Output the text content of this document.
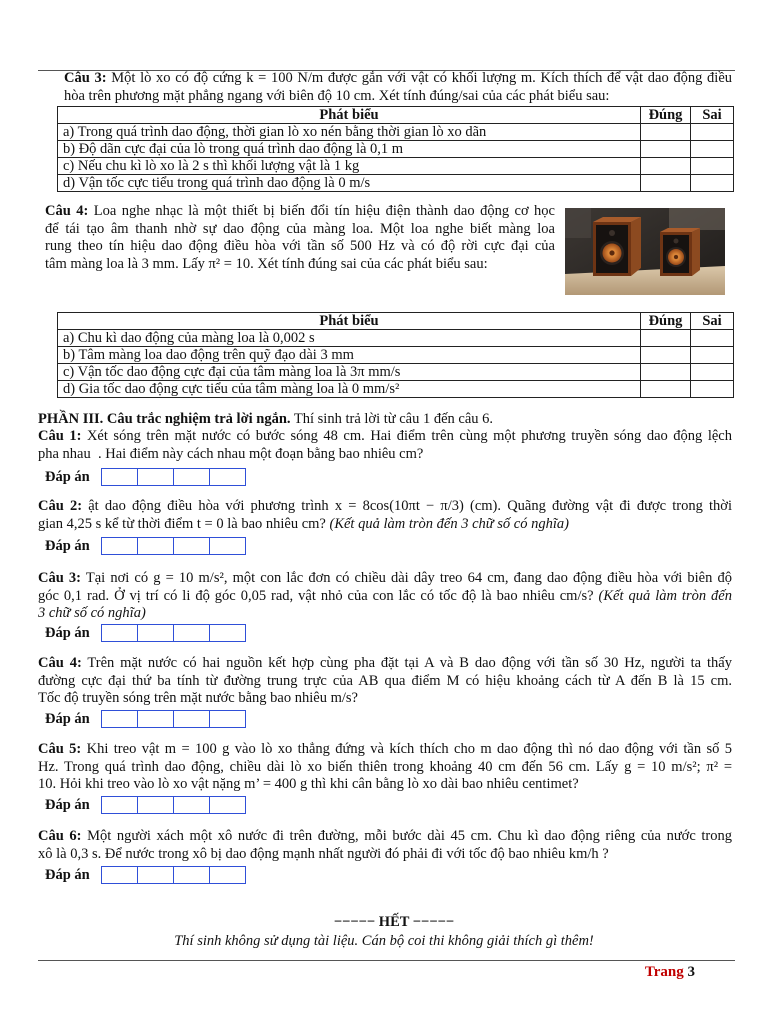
Câu 3: Một lò xo có độ cứng k = 100 N/m được gắn với vật có khối lượng m. Kích thích để vật dao động điều
hòa trên phương mặt phẳng ngang với biên độ 10 cm. Xét tính đúng/sai của các phát biểu sau:
Phát biểu	Đúng	Sai
a) Trong quá trình dao động, thời gian lò xo nén bằng thời gian lò xo dãn		
b) Độ dãn cực đại của lò trong quá trình dao động là 0,1 m		
c) Nếu chu kì lò xo là 2 s thì khối lượng vật là 1 kg		
d) Vận tốc cực tiểu trong quá trình dao động là 0 m/s		
Câu 4: Loa nghe nhạc là một thiết bị biến đổi tín hiệu điện thành dao động cơ học
để tái tạo âm thanh nhờ sự dao động của màng loa. Một loa nghe biết màng loa
rung theo tín hiệu dao động điều hòa với tần số 500 Hz và có độ rời cực đại của
tâm màng loa là 3 mm. Lấy π² = 10. Xét tính đúng sai của các phát biểu sau:
Phát biểu	Đúng	Sai
a) Chu kì dao động của màng loa là 0,002 s		
b) Tâm màng loa dao động trên quỹ đạo dài 3 mm		
c) Vận tốc dao động cực đại của tâm màng loa là 3π mm/s		
d) Gia tốc dao động cực tiểu của tâm màng loa là 0 mm/s²		
PHẦN III. Câu trắc nghiệm trả lời ngắn. Thí sinh trả lời từ câu 1 đến câu 6.
Câu 1: Xét sóng trên mặt nước có bước sóng 48 cm. Hai điểm trên cùng một phương truyền sóng dao động lệch
pha nhau  . Hai điểm này cách nhau một đoạn bằng bao nhiêu cm?
Đáp án
Câu 2: ật dao động điều hòa với phương trình x = 8cos(10πt − π/3) (cm). Quãng đường vật đi được trong thời
gian 4,25 s kể từ thời điểm t = 0 là bao nhiêu cm? (Kết quả làm tròn đến 3 chữ số có nghĩa)
Đáp án
Câu 3: Tại nơi có g = 10 m/s², một con lắc đơn có chiều dài dây treo 64 cm, đang dao động điều hòa với biên độ
góc 0,1 rad. Ở vị trí có li độ góc 0,05 rad, vật nhỏ của con lắc có tốc độ là bao nhiêu cm/s? (Kết quả làm tròn đến
3 chữ số có nghĩa)
Đáp án
Câu 4: Trên mặt nước có hai nguồn kết hợp cùng pha đặt tại A và B dao động với tần số 30 Hz, người ta thấy
đường cực đại thứ ba tính từ đường trung trực của AB qua điểm M có hiệu khoảng cách từ A đến B là 15 cm.
Tốc độ truyền sóng trên mặt nước bằng bao nhiêu m/s?
Đáp án
Câu 5: Khi treo vật m = 100 g vào lò xo thẳng đứng và kích thích cho m dao động thì nó dao động với tần số 5
Hz. Trong quá trình dao động, chiều dài lò xo biến thiên trong khoảng 40 cm đến 56 cm. Lấy g = 10 m/s²; π² =
10. Hỏi khi treo vào lò xo vật nặng m’ = 400 g thì khi cân bằng lò xo dài bao nhiêu centimet?
Đáp án
Câu 6: Một người xách một xô nước đi trên đường, mỗi bước dài 45 cm. Chu kì dao động riêng của nước trong
xô là 0,3 s. Để nước trong xô bị dao động mạnh nhất người đó phải đi với tốc độ bao nhiêu km/h ?
Đáp án
−−−−− HẾT −−−−−
Thí sinh không sử dụng tài liệu. Cán bộ coi thi không giải thích gì thêm!
Trang 3
